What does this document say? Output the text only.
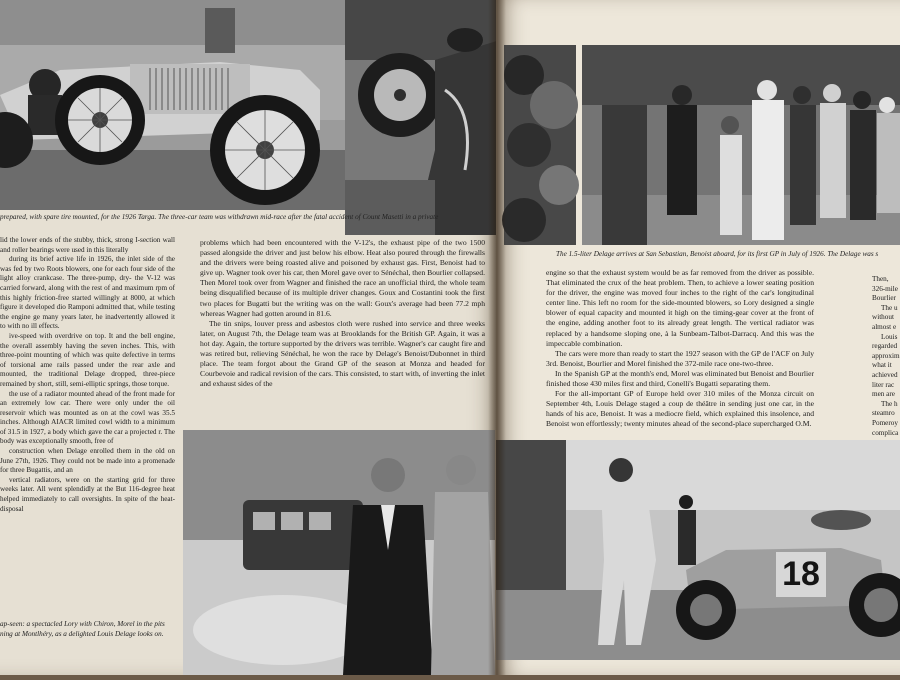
prepared, with spare tire mounted, for the 1926 Targa. The three-car team was withdrawn mid-race after the fatal accident of Count Masetti in a private

lid the lower ends of the stubby, thick, strong I-section wall and roller bearings were used in this literally

during its brief active life in 1926, the inlet side of the was fed by two Roots blowers, one for each four side of the light alloy crankcase. The three-pump, dry- the V-12 was carried forward, along with the rest of and maximum rpm of this highly friction-free started willingly at 8000, at which figure it developed dio Ramponi admitted that, while testing the engine ge many years later, he inadvertently allowed it to with no ill effects.

ive-speed with overdrive on top. It and the bell engine, the overall assembly having the seven inches. This, with three-point mounting of which was quite defective in terms of torsional ame rails passed under the rear axle and mounted, the traditional Delage dropped, three-piece remained by short, still, semi-elliptic springs, those torque.

the use of a radiator mounted ahead of the front made for an extremely low car. There were only under the oil reservoir which was mounted as on at the cowl was 35.5 inches. Although AIACR limited cowl width to a minimum of 31.5 in 1927, a body which gave the car a projected r. The body was exceptionally smooth, free of

construction when Delage enrolled them in the old on June 27th, 1926. They could not be made into a promenade for three Bugattis, and an

vertical radiators, were on the starting grid for three weeks later. All went splendidly at the But 116-degree heat helped immediately to call oversights. In spite of the heat-disposal

problems which had been encountered with the V-12's, the exhaust pipe of the two 1500 passed alongside the driver and just below his elbow. Heat also poured through the firewalls and the drivers were being roasted alive and poisoned by exhaust gas. First, Benoist had to give up. Wagner took over his car, then Morel gave over to Sénéchal, then Bourlier collapsed. Then Morel took over from Wagner and finished the race an unofficial third, the whole team being disqualified because of its multiple driver changes. Goux and Costantini took the first two places for Bugatti but the writing was on the wall: Goux's average had been 77.2 mph whereas Wagner had gotten around in 81.6.

The tin snips, louver press and asbestos cloth were rushed into service and three weeks later, on August 7th, the Delage team was at Brooklands for the British GP. Again, it was a hot day. Again, the torture supported by the drivers was terrible. Wagner's car caught fire and was retired but, relieving Sénéchal, he won the race by Delage's Benoist/Dubonnet in third place. The team forgot about the Grand GP of the season at Monza and headed for Courbevoie and radical revision of the cars. This consisted, to start with, of inverting the inlet and exhaust sides of the

ap-seen: a spectacled Lory with Chiron, Morel in the pits
ning at Montlhéry, as a delighted Louis Delage looks on.
The 1.5-liter Delage arrives at San Sebastian, Benoist aboard, for its first GP in July of 1926. The Delage was s

engine so that the exhaust system would be as far removed from the driver as possible. That eliminated the crux of the heat problem. Then, to achieve a lower seating position for the driver, the engine was moved four inches to the right of the car's longitudinal center line. This left no room for the side-mounted blowers, so Lory designed a single blower of equal capacity and mounted it high on the timing-gear cover at the front of the engine, adding another foot to its already great length. The vertical radiator was replaced by a handsome sloping one, à la Sunbeam-Talbot-Darracq. And this was the impeccable combination.

The cars were more than ready to start the 1927 season with the GP de l'ACF on July 3rd. Benoist, Bourlier and Morel finished the 372-mile race one-two-three.

In the Spanish GP at the month's end, Morel was eliminated but Benoist and Bourlier finished those 430 miles first and third, Conelli's Bugatti separating them.

For the all-important GP of Europe held over 310 miles of the Monza circuit on September 4th, Louis Delage staged a coup de théâtre in sending just one car, in the hands of his ace, Benoist. It was a mediocre field, which explained this insolence, and Benoist won effortlessly; twenty minutes ahead of the second-place supercharged O.M.

Then, 326-mile Bourlier

The u without almost e

Louis regarded approxim what it achieved liter rac men are

The h steamro Pomeroy complica

18
